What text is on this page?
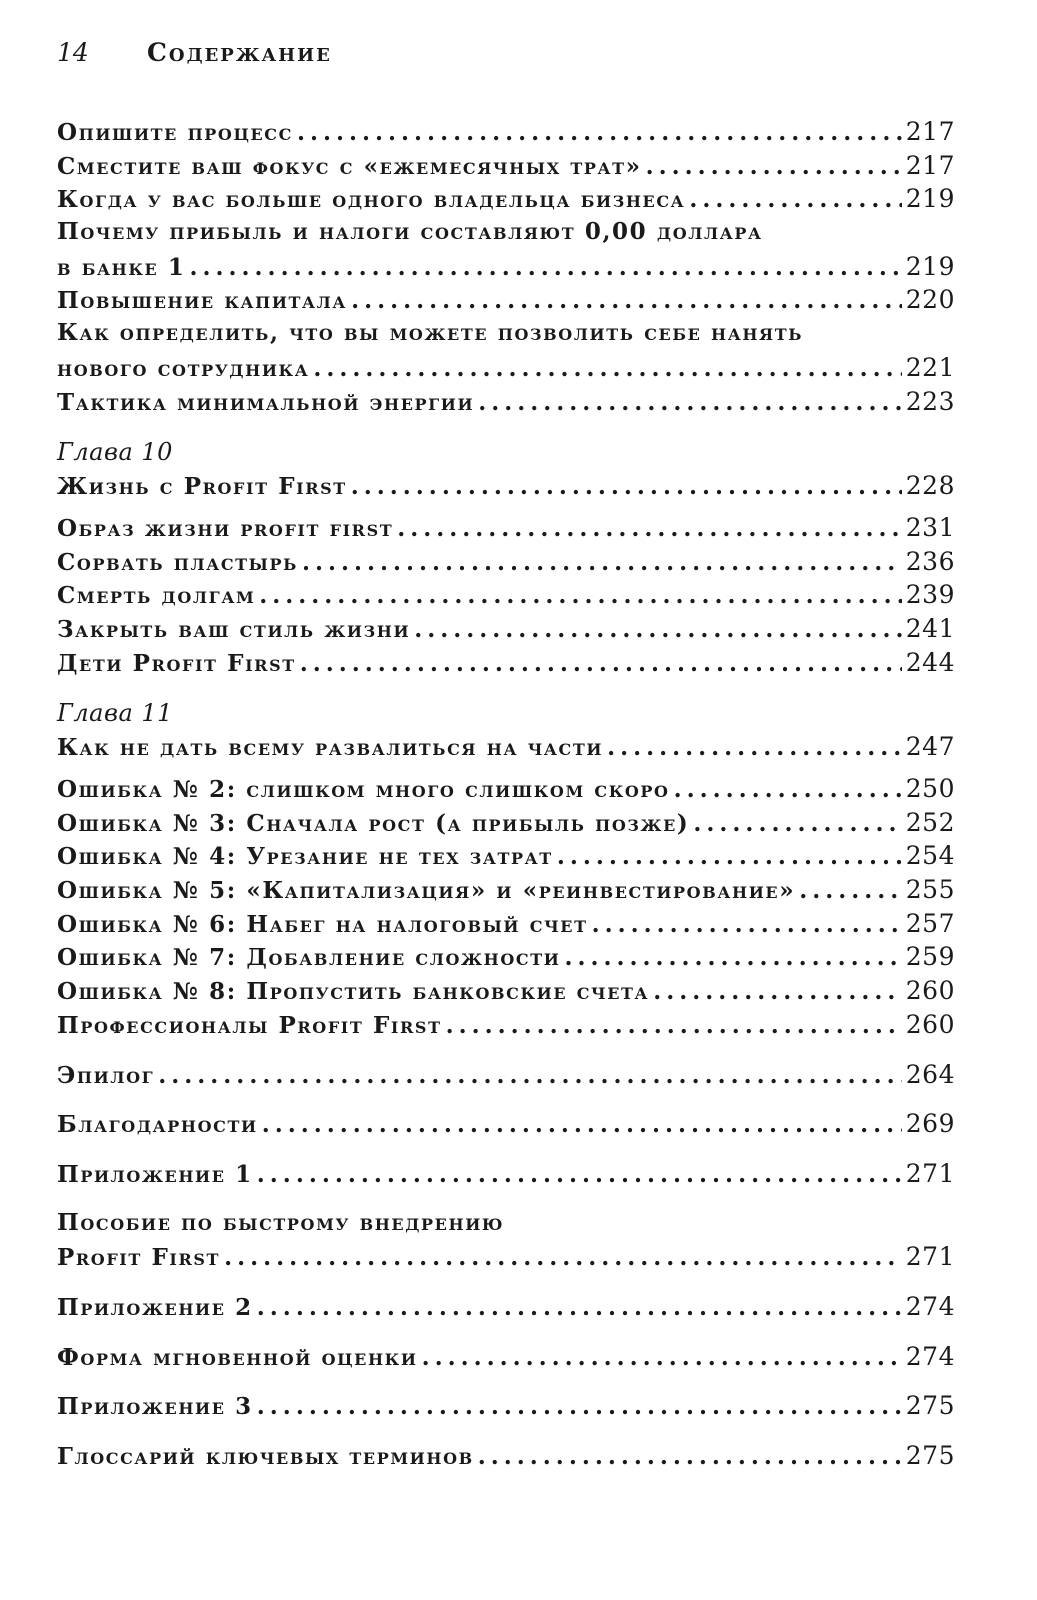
14	Содержание
Опишите процесс .....	217
Сместите ваш фокус с «ежемесячных трат» .....	217
Когда у вас больше одного владельца бизнеса .....	219
Почему прибыль и налоги составляют 0,00 доллара
в банке 1 .....	219
Повышение капитала .....	220
Как определить, что вы можете позволить себе нанять
нового сотрудника .....	221
Тактика минимальной энергии .....	223
Глава 10
Жизнь с Profit First .....	228
Образ жизни profit first .....	231
Сорвать пластырь .....	236
Смерть долгам .....	239
Закрыть ваш стиль жизни .....	241
Дети Profit First .....	244
Глава 11
Как не дать всему развалиться на части .....	247
Ошибка № 2: слишком много слишком скоро .....	250
Ошибка № 3: Сначала рост (а прибыль позже) .....	252
Ошибка № 4: Урезание не тех затрат .....	254
Ошибка № 5: «Капитализация» и «реинвестирование» .....	255
Ошибка № 6: Набег на налоговый счет .....	257
Ошибка № 7: Добавление сложности .....	259
Ошибка № 8: Пропустить банковские счета .....	260
Профессионалы Profit First .....	260
Эпилог .....	264
Благодарности .....	269
Приложение 1 .....	271
Пособие по быстрому внедрению
Profit First .....	271
Приложение 2 .....	274
Форма мгновенной оценки .....	274
Приложение 3 .....	275
Глоссарий ключевых терминов .....	275
